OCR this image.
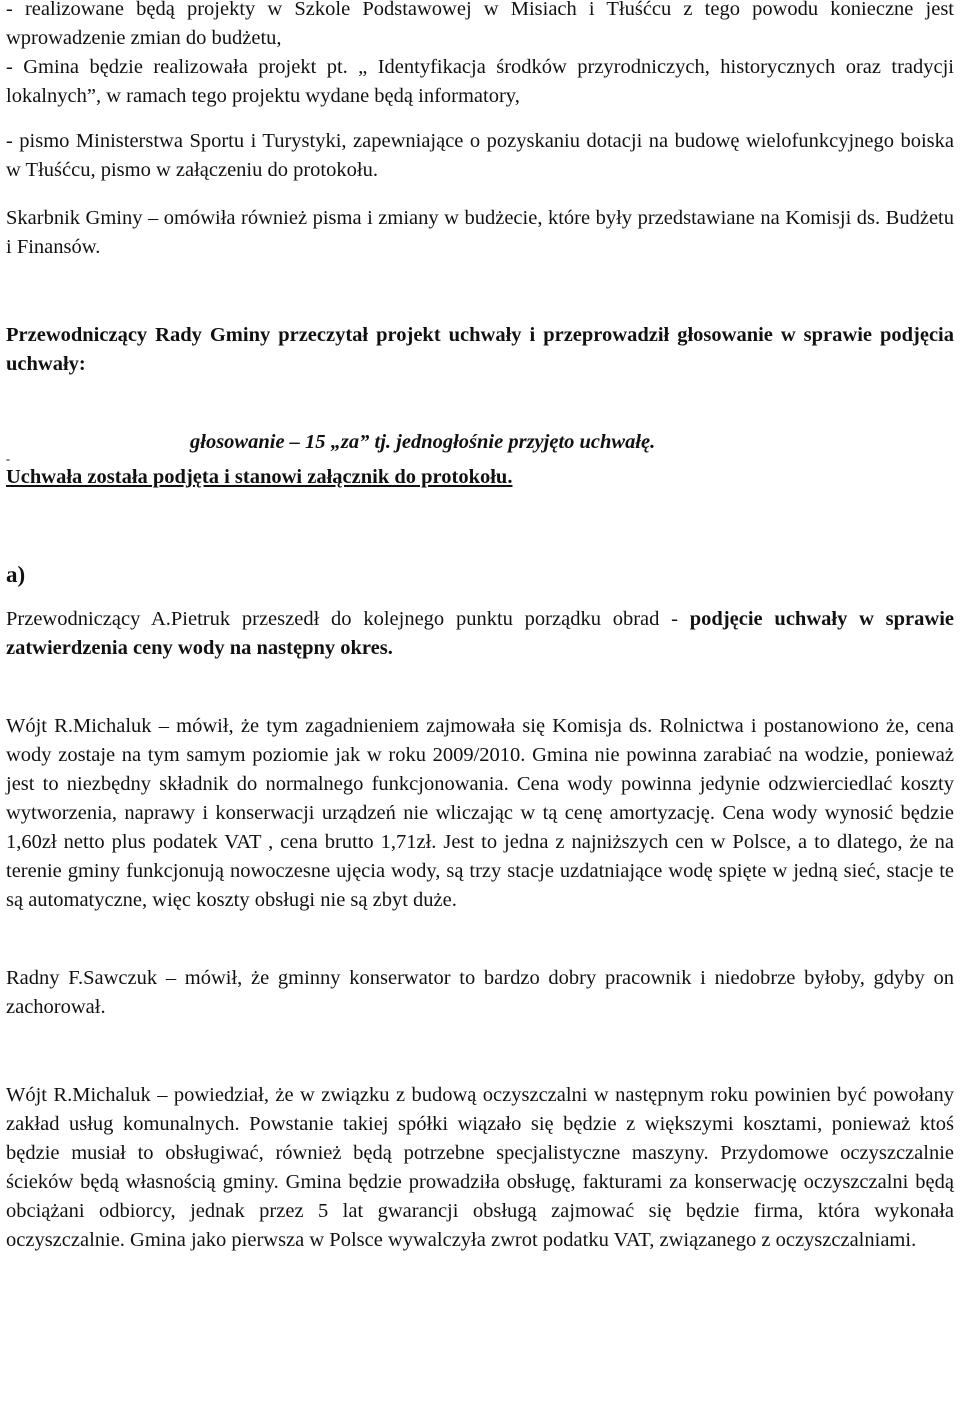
- realizowane będą projekty w Szkole Podstawowej w Misiach i Tłuśćcu z tego powodu konieczne jest wprowadzenie zmian do budżetu,

- Gmina będzie realizowała projekt pt. „ Identyfikacja środków przyrodniczych, historycznych oraz tradycji lokalnych”, w ramach tego projektu wydane będą informatory,

- pismo Ministerstwa Sportu i Turystyki, zapewniające o pozyskaniu dotacji na budowę wielofunkcyjnego boiska w Tłuśćcu, pismo w załączeniu do protokołu.

Skarbnik Gminy – omówiła również pisma i zmiany w budżecie, które były przedstawiane na Komisji ds. Budżetu i Finansów.

Przewodniczący Rady Gminy przeczytał projekt uchwały i przeprowadził głosowanie w sprawie podjęcia uchwały:

głosowanie – 15 „za” tj. jednogłośnie przyjęto uchwałę.
-
Uchwała została podjęta i stanowi załącznik do protokołu.
a)

Przewodniczący A.Pietruk przeszedł do kolejnego punktu porządku obrad - podjęcie uchwały w sprawie zatwierdzenia ceny wody na następny okres.

Wójt R.Michaluk – mówił, że tym zagadnieniem zajmowała się Komisja ds. Rolnictwa i postanowiono że, cena wody zostaje na tym samym poziomie jak w roku 2009/2010. Gmina nie powinna zarabiać na wodzie, ponieważ jest to niezbędny składnik do normalnego funkcjonowania. Cena wody powinna jedynie odzwierciedlać koszty wytworzenia, naprawy i konserwacji urządzeń nie wliczając w tą cenę amortyzację. Cena wody wynosić będzie 1,60zł netto plus podatek VAT , cena brutto 1,71zł. Jest to jedna z najniższych cen w Polsce, a to dlatego, że na terenie gminy funkcjonują nowoczesne ujęcia wody, są trzy stacje uzdatniające wodę spięte w jedną sieć, stacje te są automatyczne, więc koszty obsługi nie są zbyt duże.

Radny F.Sawczuk – mówił, że gminny konserwator to bardzo dobry pracownik i niedobrze byłoby, gdyby on zachorował.

Wójt R.Michaluk – powiedział, że w związku z budową oczyszczalni w następnym roku powinien być powołany zakład usług komunalnych. Powstanie takiej spółki wiązało się będzie z większymi kosztami, ponieważ ktoś będzie musiał to obsługiwać, również będą potrzebne specjalistyczne maszyny. Przydomowe oczyszczalnie ścieków będą własnością gminy. Gmina będzie prowadziła obsługę, fakturami za konserwację oczyszczalni będą obciążani odbiorcy, jednak przez 5 lat gwarancji obsługą zajmować się będzie firma, która wykonała oczyszczalnie. Gmina jako pierwsza w Polsce wywalczyła zwrot podatku VAT, związanego z oczyszczalniami.
